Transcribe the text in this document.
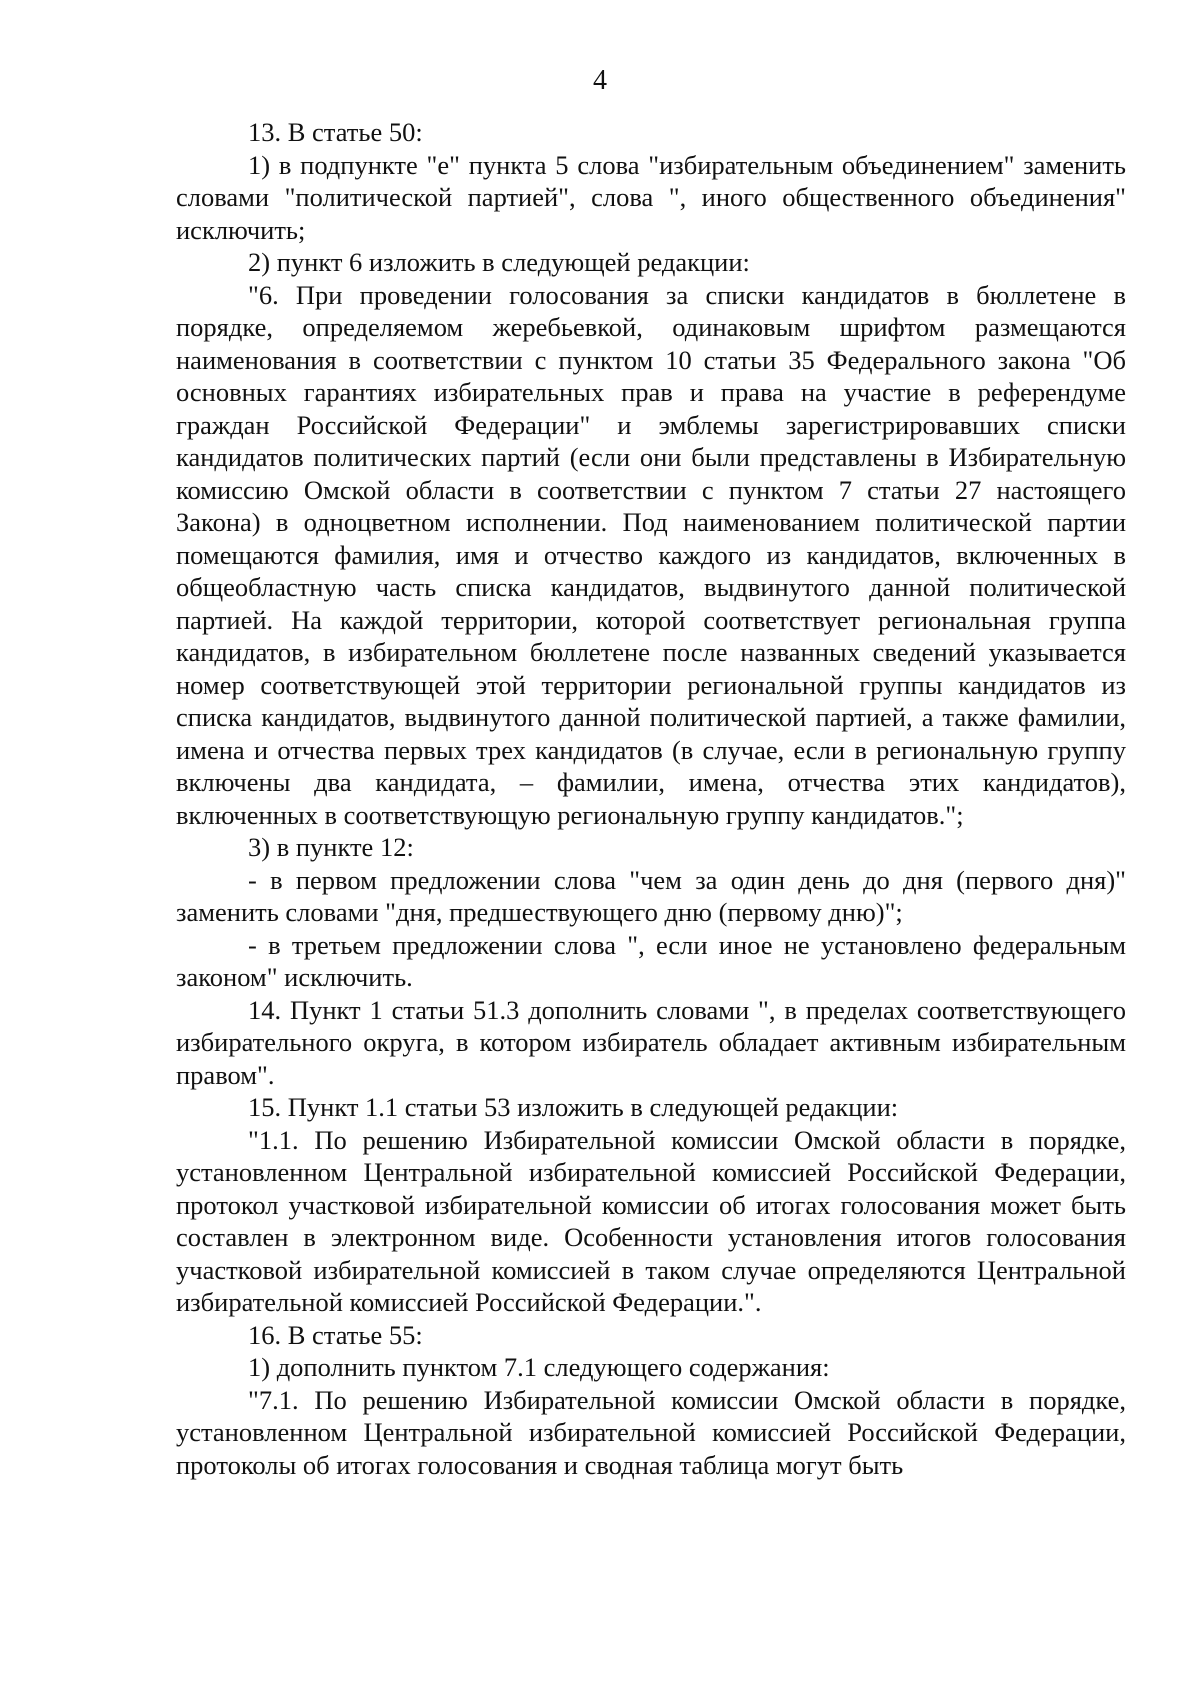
4

13. В статье 50:

1) в подпункте "е" пункта 5 слова "избирательным объединением" заменить словами "политической партией", слова ", иного общественного объединения" исключить;

2) пункт 6 изложить в следующей редакции:

"6. При проведении голосования за списки кандидатов в бюллетене в порядке, определяемом жеребьевкой, одинаковым шрифтом размещаются наименования в соответствии с пунктом 10 статьи 35 Федерального закона "Об основных гарантиях избирательных прав и права на участие в референдуме граждан Российской Федерации" и эмблемы зарегистрировавших списки кандидатов политических партий (если они были представлены в Избирательную комиссию Омской области в соответствии с пунктом 7 статьи 27 настоящего Закона) в одноцветном исполнении. Под наименованием политической партии помещаются фамилия, имя и отчество каждого из кандидатов, включенных в общеобластную часть списка кандидатов, выдвинутого данной политической партией. На каждой территории, которой соответствует региональная группа кандидатов, в избирательном бюллетене после названных сведений указывается номер соответствующей этой территории региональной группы кандидатов из списка кандидатов, выдвинутого данной политической партией, а также фамилии, имена и отчества первых трех кандидатов (в случае, если в региональную группу включены два кандидата, – фамилии, имена, отчества этих кандидатов), включенных в соответствующую региональную группу кандидатов.";

3) в пункте 12:

- в первом предложении слова "чем за один день до дня (первого дня)" заменить словами "дня, предшествующего дню (первому дню)";

- в третьем предложении слова ", если иное не установлено федеральным законом" исключить.

14. Пункт 1 статьи 51.3 дополнить словами ", в пределах соответствующего избирательного округа, в котором избиратель обладает активным избирательным правом".

15. Пункт 1.1 статьи 53 изложить в следующей редакции:

"1.1. По решению Избирательной комиссии Омской области в порядке, установленном Центральной избирательной комиссией Российской Федерации, протокол участковой избирательной комиссии об итогах голосования может быть составлен в электронном виде. Особенности установления итогов голосования участковой избирательной комиссией в таком случае определяются Центральной избирательной комиссией Российской Федерации.".

16. В статье 55:

1) дополнить пунктом 7.1 следующего содержания:

"7.1. По решению Избирательной комиссии Омской области в порядке, установленном Центральной избирательной комиссией Российской Федерации, протоколы об итогах голосования и сводная таблица могут быть
